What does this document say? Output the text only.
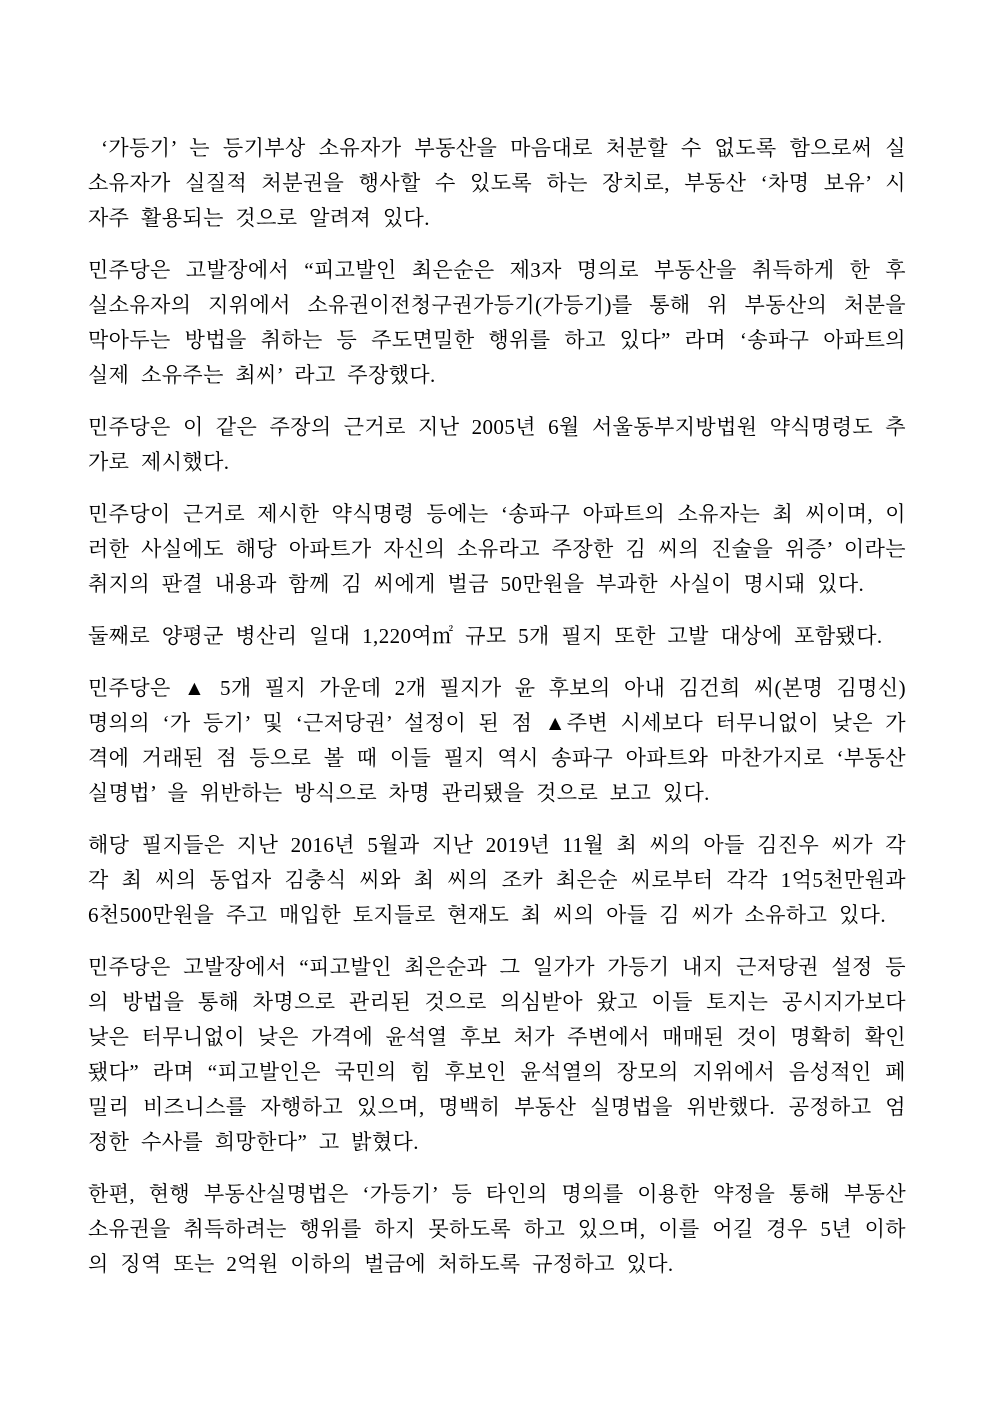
‘가등기’ 는 등기부상 소유자가 부동산을 마음대로 처분할 수 없도록 함으로써 실소유자가 실질적 처분권을 행사할 수 있도록 하는 장치로, 부동산 ‘차명 보유’ 시 자주 활용되는 것으로 알려져 있다.

민주당은 고발장에서 “피고발인 최은순은 제3자 명의로 부동산을 취득하게 한 후 실소유자의 지위에서 소유권이전청구권가등기(가등기)를 통해 위 부동산의 처분을 막아두는 방법을 취하는 등 주도면밀한 행위를 하고 있다” 라며 ‘송파구 아파트의 실제 소유주는 최씨’ 라고 주장했다.

민주당은 이 같은 주장의 근거로 지난 2005년 6월 서울동부지방법원 약식명령도 추가로 제시했다.

민주당이 근거로 제시한 약식명령 등에는 ‘송파구 아파트의 소유자는 최 씨이며, 이러한 사실에도 해당 아파트가 자신의 소유라고 주장한 김 씨의 진술을 위증’ 이라는 취지의 판결 내용과 함께 김 씨에게 벌금 50만원을 부과한 사실이 명시돼 있다.

둘째로 양평군 병산리 일대 1,220여㎡ 규모 5개 필지 또한 고발 대상에 포함됐다.

민주당은 ▲ 5개 필지 가운데 2개 필지가 윤 후보의 아내 김건희 씨(본명 김명신) 명의의 ‘가 등기’ 및 ‘근저당권’ 설정이 된 점 ▲주변 시세보다 터무니없이 낮은 가격에 거래된 점 등으로 볼 때 이들 필지 역시 송파구 아파트와 마찬가지로 ‘부동산실명법’ 을 위반하는 방식으로 차명 관리됐을 것으로 보고 있다.

해당 필지들은 지난 2016년 5월과 지난 2019년 11월 최 씨의 아들 김진우 씨가 각각 최 씨의 동업자 김충식 씨와 최 씨의 조카 최은순 씨로부터 각각 1억5천만원과 6천500만원을 주고 매입한 토지들로 현재도 최 씨의 아들 김 씨가 소유하고 있다.

민주당은 고발장에서 “피고발인 최은순과 그 일가가 가등기 내지 근저당권 설정 등의 방법을 통해 차명으로 관리된 것으로 의심받아 왔고 이들 토지는 공시지가보다 낮은 터무니없이 낮은 가격에 윤석열 후보 처가 주변에서 매매된 것이 명확히 확인됐다” 라며 “피고발인은 국민의 힘 후보인 윤석열의 장모의 지위에서 음성적인 페밀리 비즈니스를 자행하고 있으며, 명백히 부동산 실명법을 위반했다. 공정하고 엄정한 수사를 희망한다” 고 밝혔다.

한편, 현행 부동산실명법은 ‘가등기’ 등 타인의 명의를 이용한 약정을 통해 부동산 소유권을 취득하려는 행위를 하지 못하도록 하고 있으며, 이를 어길 경우 5년 이하의 징역 또는 2억원 이하의 벌금에 처하도록 규정하고 있다.
